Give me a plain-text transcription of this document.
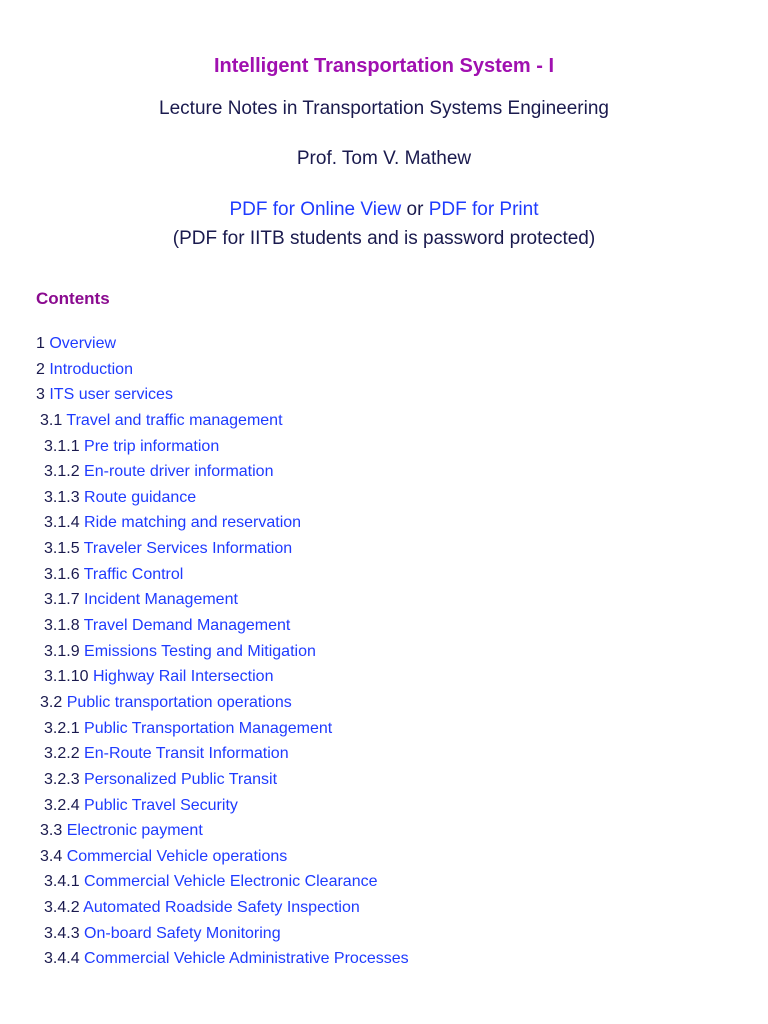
Intelligent Transportation System - I
Lecture Notes in Transportation Systems Engineering
Prof. Tom V. Mathew
PDF for Online View or PDF for Print
(PDF for IITB students and is password protected)
Contents
1 Overview
2 Introduction
3 ITS user services
3.1 Travel and traffic management
3.1.1 Pre trip information
3.1.2 En-route driver information
3.1.3 Route guidance
3.1.4 Ride matching and reservation
3.1.5 Traveler Services Information
3.1.6 Traffic Control
3.1.7 Incident Management
3.1.8 Travel Demand Management
3.1.9 Emissions Testing and Mitigation
3.1.10 Highway Rail Intersection
3.2 Public transportation operations
3.2.1 Public Transportation Management
3.2.2 En-Route Transit Information
3.2.3 Personalized Public Transit
3.2.4 Public Travel Security
3.3 Electronic payment
3.4 Commercial Vehicle operations
3.4.1 Commercial Vehicle Electronic Clearance
3.4.2 Automated Roadside Safety Inspection
3.4.3 On-board Safety Monitoring
3.4.4 Commercial Vehicle Administrative Processes
